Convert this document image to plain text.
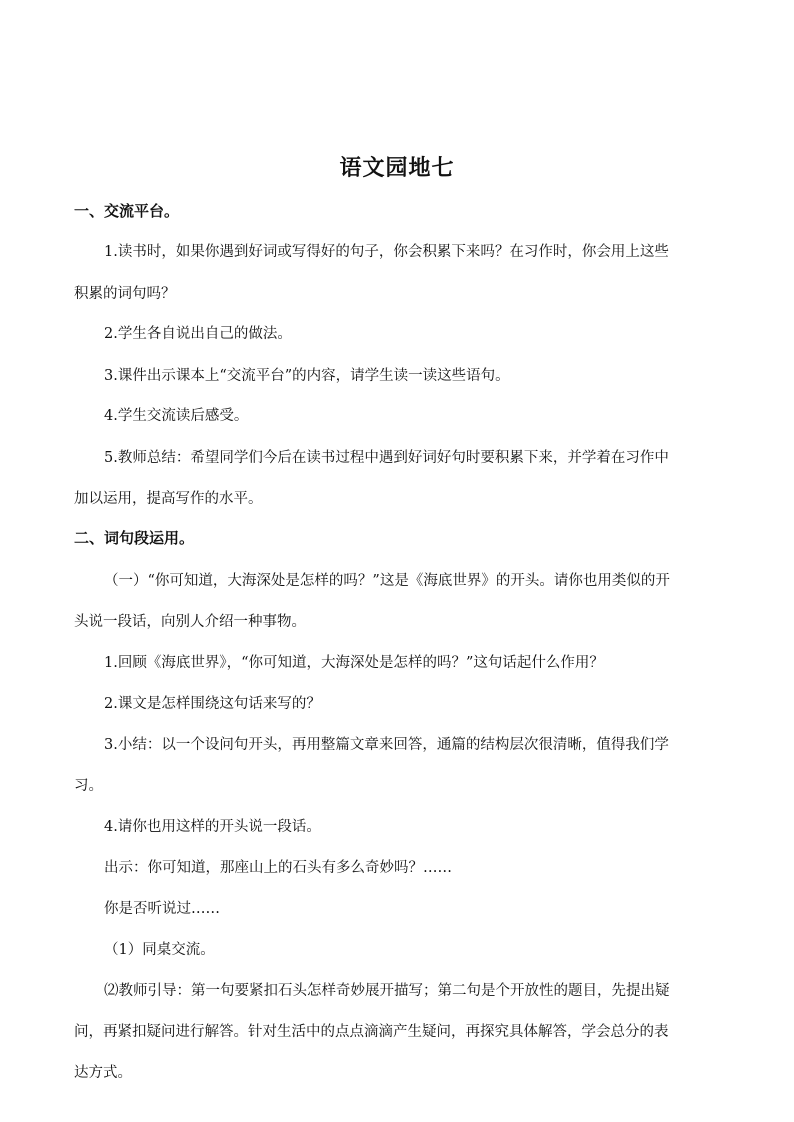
语文园地七
一、交流平台。
1.读书时，如果你遇到好词或写得好的句子，你会积累下来吗？在习作时，你会用上这些
积累的词句吗？
2.学生各自说出自己的做法。
3.课件出示课本上“交流平台”的内容，请学生读一读这些语句。
4.学生交流读后感受。
5.教师总结：希望同学们今后在读书过程中遇到好词好句时要积累下来，并学着在习作中
加以运用，提高写作的水平。
二、词句段运用。
（一）“你可知道，大海深处是怎样的吗？”这是《海底世界》的开头。请你也用类似的开
头说一段话，向别人介绍一种事物。
1.回顾《海底世界》，“你可知道，大海深处是怎样的吗？”这句话起什么作用？
2.课文是怎样围绕这句话来写的？
3.小结：以一个设问句开头，再用整篇文章来回答，通篇的结构层次很清晰，值得我们学
习。
4.请你也用这样的开头说一段话。
出示：你可知道，那座山上的石头有多么奇妙吗？……
你是否听说过……
（1）同桌交流。
⑵教师引导：第一句要紧扣石头怎样奇妙展开描写；第二句是个开放性的题目，先提出疑
问，再紧扣疑问进行解答。针对生活中的点点滴滴产生疑问，再探究具体解答，学会总分的表
达方式。
